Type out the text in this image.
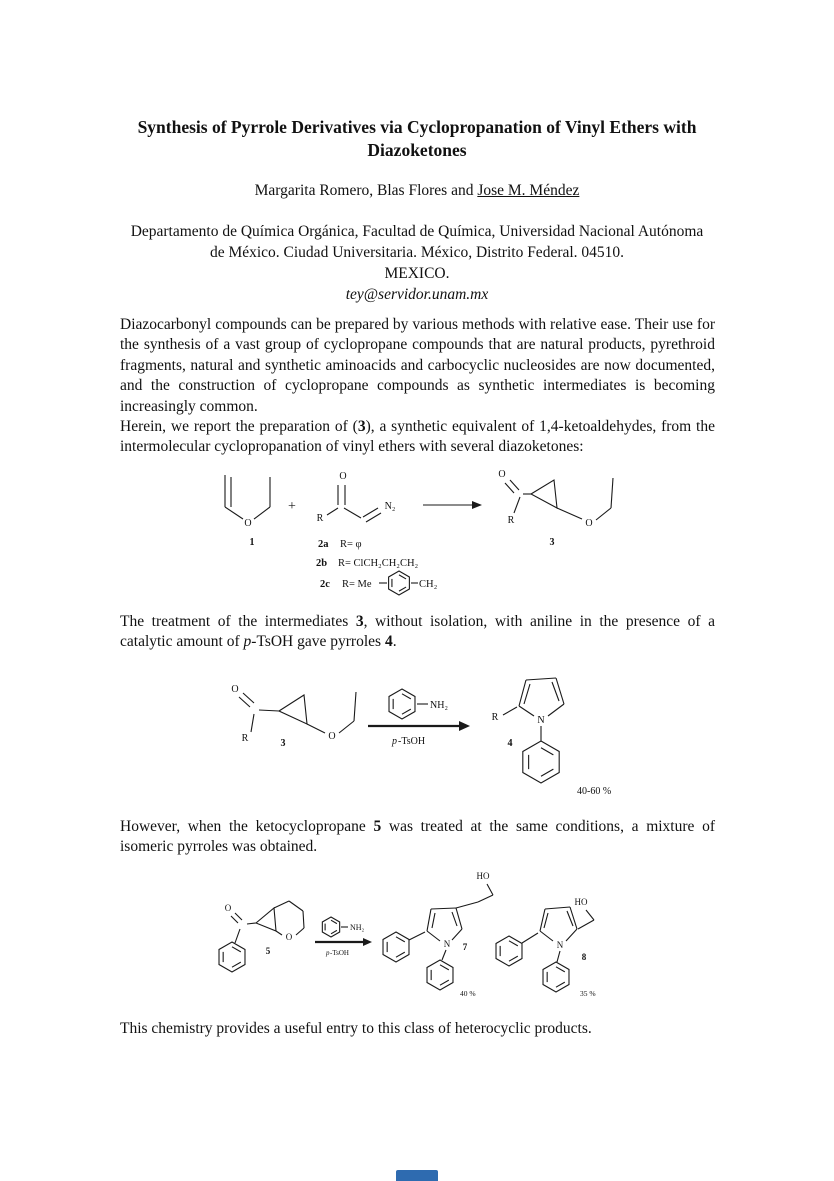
Synthesis of Pyrrole Derivatives via Cyclopropanation of Vinyl Ethers with Diazoketones
Margarita Romero, Blas Flores and Jose M. Méndez
Departamento de Química Orgánica, Facultad de Química, Universidad Nacional Autónoma de México. Ciudad Universitaria. México, Distrito Federal. 04510.
MEXICO.
tey@servidor.unam.mx

Diazocarbonyl compounds can be prepared by various methods with relative ease. Their use for the synthesis of a vast group of cyclopropane compounds that are natural products, pyrethroid fragments, natural and synthetic aminoacids and carbocyclic nucleosides are now documented, and the construction of cyclopropane compounds as synthetic intermediates is becoming increasingly common.

Herein, we report the preparation of (3), a synthetic equivalent of 1,4-ketoaldehydes, from the intermolecular cyclopropanation of vinyl ethers with several diazoketones:

O
1
+
O
R
N₂
2a R= φ
2b R= ClCH₂CH₂CH₂
2c R= Me	CH₂
O
R	O
3

The treatment of the intermediates 3, without isolation, with aniline in the presence of a catalytic amount of p-TsOH gave pyrroles 4.

O
R	O
3
NH₂
p -TsOH
R	N
4
40-60 %

However, when the ketocyclopropane 5 was treated at the same conditions, a mixture of isomeric pyrroles was obtained.

O
O
5
NH₂
p -TsOH
HO
N 7
40 %
HO
N
8
35 %

This chemistry provides a useful entry to this class of heterocyclic products.
